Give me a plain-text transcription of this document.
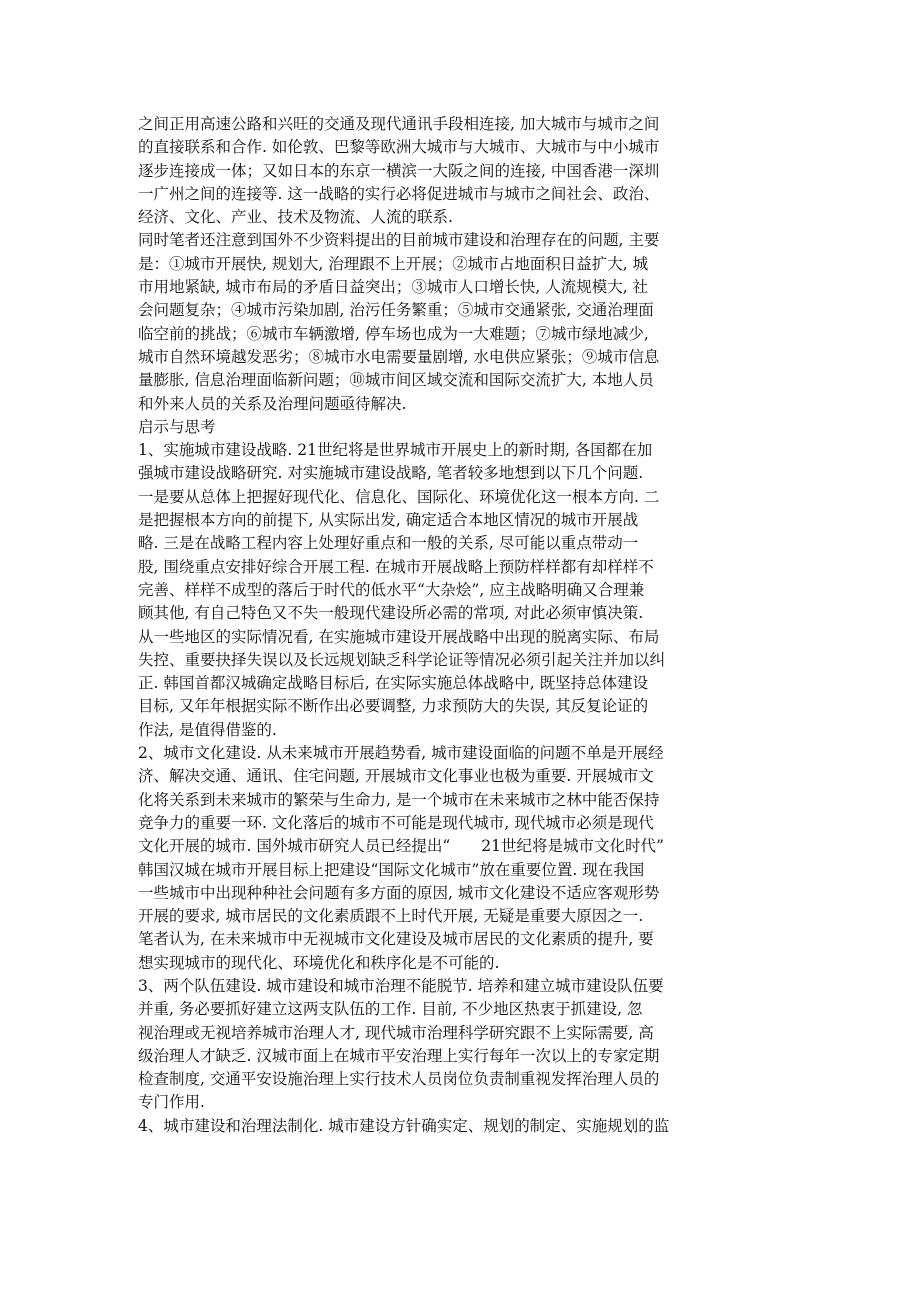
之间正用高速公路和兴旺的交通及现代通讯手段相连接, 加大城市与城市之间
的直接联系和合作. 如伦敦、巴黎等欧洲大城市与大城市、大城市与中小城市
逐步连接成一体；又如日本的东京一横滨一大阪之间的连接, 中国香港一深圳
一广州之间的连接等. 这一战略的实行必将促进城市与城市之间社会、政治、
经济、文化、产业、技术及物流、人流的联系.
同时笔者还注意到国外不少资料提出的目前城市建设和治理存在的问题, 主要
是：①城市开展快, 规划大, 治理跟不上开展；②城市占地面积日益扩大, 城
市用地紧缺, 城市布局的矛盾日益突出；③城市人口增长快, 人流规模大, 社
会问题复杂；④城市污染加剧, 治污任务繁重；⑤城市交通紧张, 交通治理面
临空前的挑战；⑥城市车辆激增, 停车场也成为一大难题；⑦城市绿地减少,
城市自然环境越发恶劣；⑧城市水电需要量剧增, 水电供应紧张；⑨城市信息
量膨胀, 信息治理面临新问题；⑩城市间区域交流和国际交流扩大, 本地人员
和外来人员的关系及治理问题亟待解决.
启示与思考
1、实施城市建设战略. 21世纪将是世界城市开展史上的新时期, 各国都在加
强城市建设战略研究. 对实施城市建设战略, 笔者较多地想到以下几个问题.
一是要从总体上把握好现代化、信息化、国际化、环境优化这一根本方向. 二
是把握根本方向的前提下, 从实际出发, 确定适合本地区情况的城市开展战
略. 三是在战略工程内容上处理好重点和一般的关系, 尽可能以重点带动一
股, 围绕重点安排好综合开展工程. 在城市开展战略上预防样样都有却样样不
完善、样样不成型的落后于时代的低水平“大杂烩”, 应主战略明确又合理兼
顾其他, 有自己特色又不失一般现代建设所必需的常项, 对此必须审慎决策.
从一些地区的实际情况看, 在实施城市建设开展战略中出现的脱离实际、布局
失控、重要抉择失误以及长远规划缺乏科学论证等情况必须引起关注并加以纠
正. 韩国首都汉城确定战略目标后, 在实际实施总体战略中, 既坚持总体建设
目标, 又年年根据实际不断作出必要调整, 力求预防大的失误, 其反复论证的
作法, 是值得借鉴的.
2、城市文化建设. 从未来城市开展趋势看, 城市建设面临的问题不单是开展经
济、解决交通、通讯、住宅问题, 开展城市文化事业也极为重要. 开展城市文
化将关系到未来城市的繁荣与生命力, 是一个城市在未来城市之林中能否保持
竞争力的重要一环. 文化落后的城市不可能是现代城市, 现代城市必须是现代
文化开展的城市. 国外城市研究人员已经提出“　　21世纪将是城市文化时代”
韩国汉城在城市开展目标上把建设“国际文化城市”放在重要位置. 现在我国
一些城市中出现种种社会问题有多方面的原因, 城市文化建设不适应客观形势
开展的要求, 城市居民的文化素质跟不上时代开展, 无疑是重要大原因之一.
笔者认为, 在未来城市中无视城市文化建设及城市居民的文化素质的提升, 要
想实现城市的现代化、环境优化和秩序化是不可能的.
3、两个队伍建设. 城市建设和城市治理不能脱节. 培养和建立城市建设队伍要
并重, 务必要抓好建立这两支队伍的工作. 目前, 不少地区热衷于抓建设, 忽
视治理或无视培养城市治理人才, 现代城市治理科学研究跟不上实际需要, 高
级治理人才缺乏. 汉城市面上在城市平安治理上实行每年一次以上的专家定期
检查制度, 交通平安设施治理上实行技术人员岗位负责制重视发挥治理人员的
专门作用.
4、城市建设和治理法制化. 城市建设方针确实定、规划的制定、实施规划的监
